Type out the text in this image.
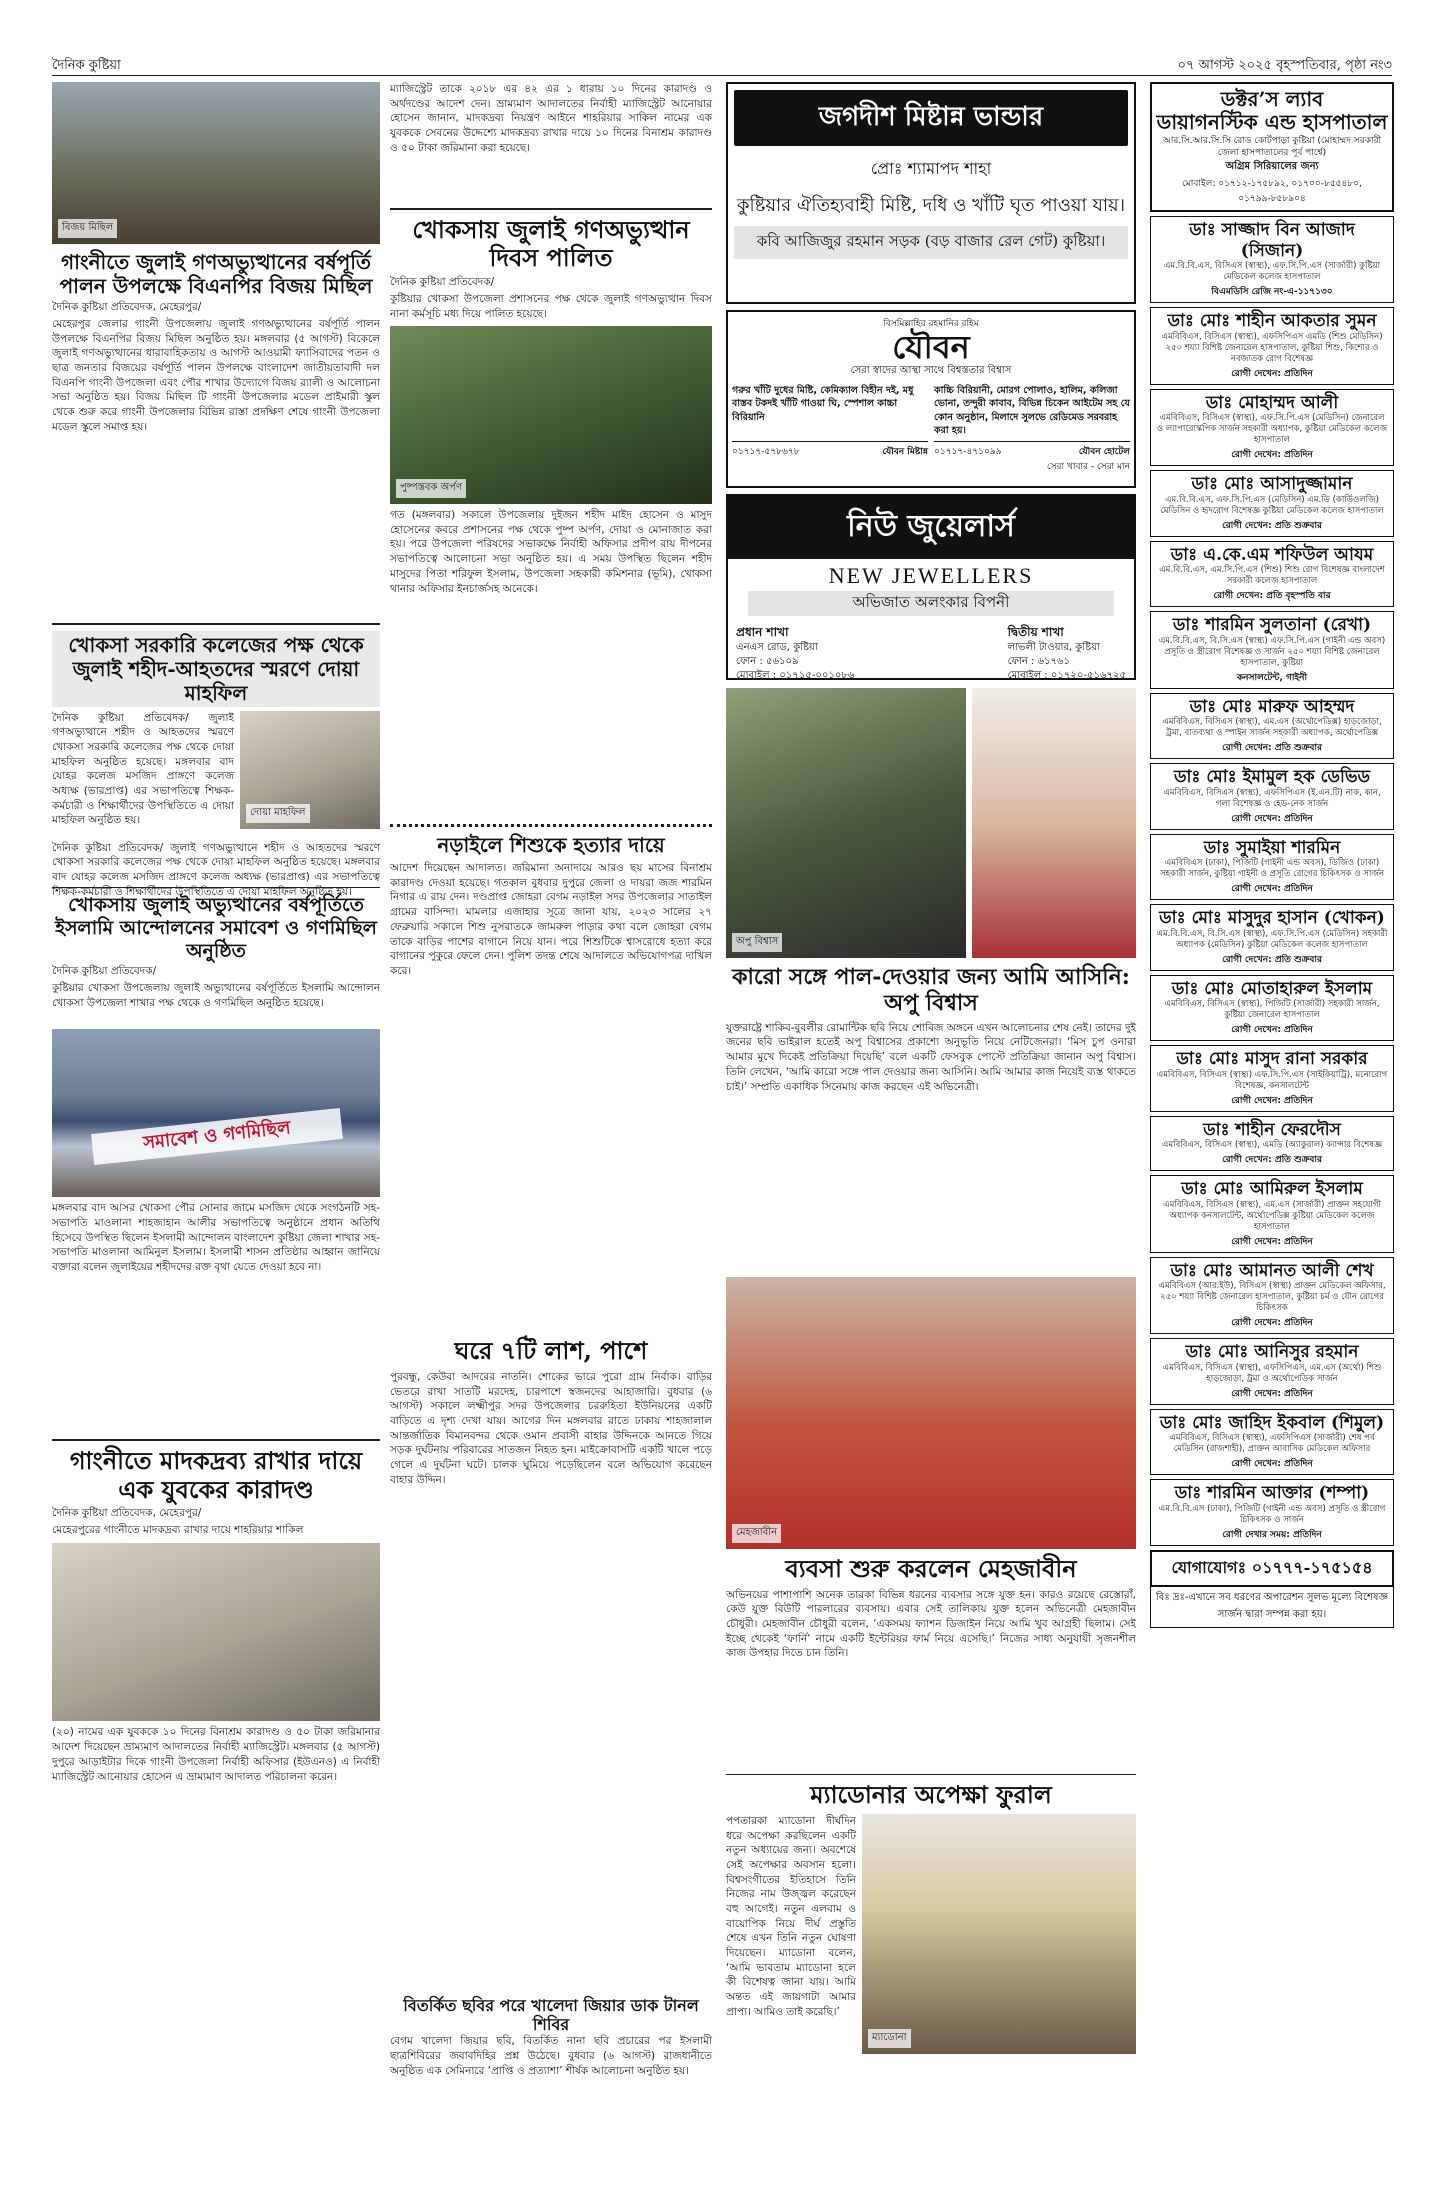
দৈনিক কুষ্টিয়া	০৭ আগস্ট ২০২৫ বৃহস্পতিবার, পৃষ্ঠা নং৩
বিজয় মিছিল
গাংনীতে জুলাই গণঅভ্যুত্থানের বর্ষপূর্তি পালন উপলক্ষে বিএনপির বিজয় মিছিল
দৈনিক কুষ্টিয়া প্রতিবেদক, মেহেরপুর/
মেহেরপুর জেলার গাংনী উপজেলায় জুলাই গণঅভ্যুত্থানের বর্ষপূর্তি পালন উপলক্ষে বিএনপির বিজয় মিছিল অনুষ্ঠিত হয়। মঙ্গলবার (৫ আগস্ট) বিকেলে জুলাই গণঅভ্যুত্থানের ধারাবাহিকতায় ও আগস্ট আওয়ামী ফ্যাসিবাদের পতন ও ছাত্র জনতার বিজয়ের বর্ষপূর্তি পালন উপলক্ষে বাংলাদেশ জাতীয়তাবাদী দল বিএনপি গাংনী উপজেলা এবং পৌর শাখার উদ্যোগে বিজয় র‍্যালী ও আলোচনা সভা অনুষ্ঠিত হয়। বিজয় মিছিল টি গাংনী উপজেলার মডেল প্রাইমারী স্কুল থেকে শুরু করে গাংনী উপজেলার বিভিন্ন রাস্তা প্রদক্ষিণ শেষে গাংনী উপজেলা মডেল স্কুলে সমাপ্ত হয়।
খোকসা সরকারি কলেজের পক্ষ থেকে জুলাই শহীদ-আহতদের স্মরণে দোয়া মাহফিল
দৈনিক কুষ্টিয়া প্রতিবেদক/ জুলাই গণঅভ্যুত্থানে শহীদ ও আহতদের স্মরণে খোকসা সরকারি কলেজের পক্ষ থেকে দোয়া মাহফিল অনুষ্ঠিত হয়েছে। মঙ্গলবার বাদ যোহর কলেজ মসজিদ প্রাঙ্গণে কলেজ অধ্যক্ষ (ভারপ্রাপ্ত) এর সভাপতিত্বে শিক্ষক-কর্মচারী ও শিক্ষার্থীদের উপস্থিতিতে এ দোয়া মাহফিল অনুষ্ঠিত হয়।
দোয়া মাহফিল
দৈনিক কুষ্টিয়া প্রতিবেদক/ জুলাই গণঅভ্যুত্থানে শহীদ ও আহতদের স্মরণে খোকসা সরকারি কলেজের পক্ষ থেকে দোয়া মাহফিল অনুষ্ঠিত হয়েছে। মঙ্গলবার বাদ যোহর কলেজ মসজিদ প্রাঙ্গণে কলেজ অধ্যক্ষ (ভারপ্রাপ্ত) এর সভাপতিত্বে শিক্ষক-কর্মচারী ও শিক্ষার্থীদের উপস্থিতিতে এ দোয়া মাহফিল অনুষ্ঠিত হয়।
খোকসায় জুলাই অভ্যুত্থানের বর্ষপূর্তিতে ইসলামি আন্দোলনের সমাবেশ ও গণমিছিল অনুষ্ঠিত
দৈনিক কুষ্টিয়া প্রতিবেদক/
কুষ্টিয়ার খোকসা উপজেলায় জুলাই অভ্যুত্থানের বর্ষপূর্তিতে ইসলামি আন্দোলন খোকসা উপজেলা শাখার পক্ষ থেকে ও গণমিছিল অনুষ্ঠিত হয়েছে।
সমাবেশ ও গণমিছিল
মঙ্গলবার বাদ আসর খোকসা পৌর সোনার জামে মসজিদ থেকে সংগঠনটি সহ-সভাপতি মাওলানা শাহজাহান আলীর সভাপতিত্বে অনুষ্ঠানে প্রধান অতিথি হিসেবে উপস্থিত ছিলেন ইসলামী আন্দোলন বাংলাদেশ কুষ্টিয়া জেলা শাখার সহ-সভাপতি মাওলানা আমিনুল ইসলাম। ইসলামী শাসন প্রতিষ্ঠার আহ্বান জানিয়ে বক্তারা বলেন জুলাইয়ের শহীদদের রক্ত বৃথা যেতে দেওয়া হবে না।
গাংনীতে মাদকদ্রব্য রাখার দায়ে এক যুবকের কারাদণ্ড
দৈনিক কুষ্টিয়া প্রতিবেদক, মেহেরপুর/
মেহেরপুরের গাংনীতে মাদকদ্রব্য রাখার দায়ে শাহরিয়ার শাকিল
(২০) নামের এক যুবককে ১০ দিনের বিনাশ্রম কারাদণ্ড ও ৫০ টাকা জরিমানার আদেশ দিয়েছেন ভ্রাম্যমাণ আদালতের নির্বাহী ম্যাজিস্ট্রেট। মঙ্গলবার (৫ আগস্ট) দুপুরে আড়াইটার দিকে গাংনী উপজেলা নির্বাহী অফিসার (ইউএনও) এ নির্বাহী ম্যাজিস্ট্রেট আনোয়ার হোসেন এ ভ্রাম্যমাণ আদালত পরিচালনা করেন।
ম্যাজিস্ট্রেট তাকে ২০১৮ এর ৪২ এর ১ ধারায় ১০ দিনের কারাদণ্ড ও অর্থদণ্ডের আদেশ দেন। ভ্রাম্যমাণ আদালতের নির্বাহী ম্যাজিস্ট্রেট আনোয়ার হোসেন জানান, মাদকদ্রব্য নিয়ন্ত্রণ আইনে শাহরিয়ার সাকিল নামের এক যুবককে সেবনের উদ্দেশ্যে মাদকদ্রব্য রাখার দায়ে ১০ দিনের বিনাশ্রম কারাদণ্ড ও ৫০ টাকা জরিমানা করা হয়েছে।
খোকসায় জুলাই গণঅভ্যুত্থান দিবস পালিত
দৈনিক কুষ্টিয়া প্রতিবেদক/
কুষ্টিয়ার খোকসা উপজেলা প্রশাসনের পক্ষ থেকে জুলাই গণঅভ্যুত্থান দিবস নানা কর্মসূচি মধ্য দিয়ে পালিত হয়েছে।
পুষ্পস্তবক অর্পণ
গত (মঙ্গলবার) সকালে উপজেলায় দুইজন শহীদ মাইদ হোসেন ও মাসুদ হোসেনের কবরে প্রশাসনের পক্ষ থেকে পুষ্প অর্পণ, দোয়া ও মোনাজাত করা হয়। পরে উপজেলা পরিষদের সভাকক্ষে নির্বাহী অফিসার প্রদীপ রায় দীপনের সভাপতিত্বে আলোচনা সভা অনুষ্ঠিত হয়। এ সময় উপস্থিত ছিলেন শহীদ মাসুদের পিতা শরিফুল ইসলাম, উপজেলা সহকারী কমিশনার (ভূমি), খোকসা থানার অফিসার ইনচার্জসহ অনেকে।
নড়াইলে শিশুকে হত্যার দায়ে
আদেশ দিয়েছেন আদালত। জরিমানা অনাদায়ে আরও ছয় মাসের বিনাশ্রম কারাদণ্ড দেওয়া হয়েছে। গতকাল বুধবার দুপুরে জেলা ও দায়রা জজ শারমিন নিগার এ রায় দেন। দণ্ডপ্রাপ্ত জোহরা বেগম নড়াইল সদর উপজেলার সাতাইল গ্রামের বাসিন্দা। মামলার এজাহার সূত্রে জানা যায়, ২০২৩ সালের ২৭ ফেব্রুয়ারি সকালে শিশু নুসরাতকে জামরুল পাড়ার কথা বলে জোহরা বেগম তাকে বাড়ির পাশের বাগানে নিয়ে যান। পরে শিশুটিকে শ্বাসরোধে হত্যা করে বাগানের পুকুরে ফেলে দেন। পুলিশ তদন্ত শেষে আদালতে অভিযোগপত্র দাখিল করে।
ঘরে ৭টি লাশ, পাশে
পুরবন্ধু, কেউবা আদরের নাতনি। শোকের ভারে পুরো গ্রাম নির্বাক। বাড়ির ভেতরে রাখা সাতটি মরদেহ, চারপাশে স্বজনদের আহাজারি। বুধবার (৬ আগস্ট) সকালে লক্ষ্মীপুর সদর উপজেলার চররুহিতা ইউনিয়নের একটি বাড়িতে এ দৃশ্য দেখা যায়। আগের দিন মঙ্গলবার রাতে ঢাকায় শাহজালাল আন্তর্জাতিক বিমানবন্দর থেকে ওমান প্রবাসী বাহার উদ্দিনকে আনতে গিয়ে সড়ক দুর্ঘটনায় পরিবারের সাতজন নিহত হন। মাইক্রোবাসটি একটি খালে পড়ে গেলে এ দুর্ঘটনা ঘটে। চালক ঘুমিয়ে পড়েছিলেন বলে অভিযোগ করেছেন বাহার উদ্দিন।
বিতর্কিত ছবির পরে খালেদা জিয়ার ডাক টানল শিবির
বেগম খালেদা জিয়ার ছবি, বিতর্কিত নানা ছবি প্রচারের পর ইসলামী ছাত্রশিবিরের জবাবদিহির প্রশ্ন উঠেছে। বুধবার (৬ আগস্ট) রাজধানীতে অনুষ্ঠিত এক সেমিনারে ‘প্রাপ্তি ও প্রত্যাশা’ শীর্ষক আলোচনা অনুষ্ঠিত হয়।
জগদীশ মিষ্টান্ন ভান্ডার
প্রোঃ শ্যামাপদ শাহা
কুষ্টিয়ার ঐতিহ্যবাহী মিষ্টি, দধি ও খাঁটি ঘৃত পাওয়া যায়।
কবি আজিজুর রহমান সড়ক (বড় বাজার রেল গেট) কুষ্টিয়া।
বিসমিল্লাহির রহমানির রহিম
যৌবন
সেরা স্বাদের আস্থা সাথে বিশ্বস্ততার বিশ্বাস
গরুর খাঁটি দুধের মিষ্টি, কেমিক্যাল বিহীন দই, মধু বাস্তব টকদই খাঁটি গাওয়া ঘি, স্পেশাল কাচ্চা বিরিয়ানি
কাচ্চি বিরিয়ানী, মোরগ পোলাও, হালিম, কলিজা ভোনা, তন্দুরী কাবাব, বিভিন্ন চিকেন আইটেম সহ যে কোন অনুষ্ঠান, মিলাদে সুলভে রেডিমেড সরবরাহ করা হয়।
০১৭১৭-৫৭৮৬৭৮	যৌবন মিষ্টান্ন ০১৭১৭-৪৭১০৯৯	যৌবন হোটেল
সেরা খাবার - সেরা মান
নিউ জুয়েলার্স
NEW JEWELLERS
অভিজাত অলংকার বিপনী
প্রধান শাখা
এনএস রোড, কুষ্টিয়া
ফোন : ৫৬১০৯
মোবাইল : ০১৭১৫-০০১০৮৬
দ্বিতীয় শাখা
লাভলী টাওয়ার, কুষ্টিয়া
ফোন : ৬১৭৬১
মোবাইল : ০১৭২০-৫১৬৭২৫
অপু বিশ্বাস
কারো সঙ্গে পাল-দেওয়ার জন্য আমি আসিনি: অপু বিশ্বাস
যুক্তরাষ্ট্রে শাকিব-বুবলীর রোমান্টিক ছবি নিয়ে শোবিজ অঙ্গনে এখন আলোচনার শেষ নেই। তাদের দুই জনের ছবি ভাইরাল হতেই অপু বিশ্বাসের প্রকাশ্যে অনুভূতি নিয়ে নেটিজেনরা। ‘মিস চুপ ওনারা আমার মুখে দিকেই প্রতিক্রিয়া দিয়েছি’ বলে একটি ফেসবুক পোস্টে প্রতিক্রিয়া জানান অপু বিশ্বাস। তিনি লেখেন, ‘আমি কারো সঙ্গে পাল দেওয়ার জন্য আসিনি। আমি আমার কাজ নিয়েই ব্যস্ত থাকতে চাই।’ সম্প্রতি একাধিক সিনেমায় কাজ করছেন এই অভিনেত্রী।
মেহজাবীন
ব্যবসা শুরু করলেন মেহজাবীন
অভিনয়ের পাশাপাশি অনেক তারকা বিভিন্ন ধরনের ব্যবসার সঙ্গে যুক্ত হন। কারও রয়েছে রেস্তোরাঁ, কেউ যুক্ত বিউটি পারলারের ব্যবসায়। এবার সেই তালিকায় যুক্ত হলেন অভিনেত্রী মেহজাবীন চৌধুরী। মেহজাবীন চৌধুরী বলেন, ‘একসময় ফ্যাশন ডিজাইন নিয়ে আমি খুব আগ্রহী ছিলাম। সেই ইচ্ছে থেকেই ‘ফার্নি’ নামে একটি ইন্টেরিয়র ফার্ম নিয়ে এসেছি।’ নিজের সাধ্য অনুযায়ী সৃজনশীল কাজ উপহার দিতে চান তিনি।
ম্যাডোনার অপেক্ষা ফুরাল
পপতারকা ম্যাডোনা দীর্ঘদিন ধরে অপেক্ষা করছিলেন একটি নতুন অধ্যায়ের জন্য। অবশেষে সেই অপেক্ষার অবসান হলো। বিশ্বসংগীতের ইতিহাসে তিনি নিজের নাম উজ্জ্বল করেছেন বহু আগেই। নতুন এলবাম ও বায়োপিক নিয়ে দীর্ঘ প্রস্তুতি শেষে এখন তিনি নতুন ঘোষণা দিয়েছেন। ম্যাডোনা বলেন, ‘আমি ভাবতাম ম্যাডোনা হলে কী বিশেষত্ব জানা যায়। আমি অন্তত এই জায়গাটা আমার প্রাপ্য। আমিও তাই করেছি।’
ম্যাডোনা
ডক্টর’স ল্যাব
ডায়াগনস্টিক এন্ড হাসপাতাল
আর.সি.আর.সি.সি রোড কোর্টপাড়া কুষ্টিয়া (মোহাম্মদ সরকারী জেলা হাসপাতালের পূর্ব পার্শ্বে)
অগ্রিম সিরিয়ালের জন্য
মোবাইল: ০১৭১২-১৭৫৮৯২, ০১৭০০-৮৫৫৪৮০, ০১৭৯৯-৮৫৮৯০৪
ডাঃ সাজ্জাদ বিন আজাদ (সিজান)
এম.বি.বি.এস, বিসিএস (স্বাস্থ্য), এফ.সি.পি.এস (সার্জারী) কুষ্টিয়া মেডিকেল কলেজ হাসপাতাল
বিএমডিসি রেজি নং-এ-১১৭১৩০
ডাঃ মোঃ শাহীন আকতার সুমন
এমবিবিএস, বিসিএস (স্বাস্থ্য), এফসিপিএস এমডি (শিশু মেডিসিন) ২৫০ শয্যা বিশিষ্ট জেনারেল হাসপাতাল, কুষ্টিয়া শিশু, কিশোর ও নবজাতক রোগ বিশেষজ্ঞ
রোগী দেখেন: প্রতিদিন
ডাঃ মোহাম্মদ আলী
এমবিবিএস, বিসিএস (স্বাস্থ্য), এফ.সি.পি.এস (মেডিসিন) জেনারেল ও ল্যাপারোস্কপিক সার্জন সহকারী অধ্যাপক, কুষ্টিয়া মেডিকেল কলেজ হাসপাতাল
রোগী দেখেন: প্রতিদিন
ডাঃ মোঃ আসাদুজ্জামান
এম.বি.বি.এস, এফ.সি.পি.এস (মেডিসিন) এম.ডি (কার্ডিওলজি) মেডিসিন ও হৃদরোগ বিশেষজ্ঞ কুষ্টিয়া মেডিকেল কলেজ হাসপাতাল
রোগী দেখেন: প্রতি শুক্রবার
ডাঃ এ.কে.এম শফিউল আযম
এম.বি.বি.এস, এম.সি.পি.এস (শিশু) শিশু রোগ বিশেষজ্ঞ বাংলাদেশ সরকারী কলেজ হাসপাতাল
রোগী দেখেন: প্রতি বৃহস্পতি বার
ডাঃ শারমিন সুলতানা (রেখা)
এম.বি.বি.এস, বি.সি.এস (স্বাস্থ্য) এফ.সি.পি.এস (গাইনী এন্ড অবস) প্রসূতি ও স্ত্রীরোগ বিশেষজ্ঞ ও সার্জন ২৫০ শয্যা বিশিষ্ট জেনারেল হাসপাতাল, কুষ্টিয়া
কনসালটেন্ট, গাইনী
ডাঃ মোঃ মারুফ আহম্মদ
এমবিবিএস, বিসিএস (স্বাস্থ্য), এম.এস (অর্থোপেডিক্স) হাড়জোড়া, ট্রমা, বাতব্যথা ও স্পাইন সার্জন সহকারী অধ্যাপক, অর্থোপেডিক্স
রোগী দেখেন: প্রতি শুক্রবার
ডাঃ মোঃ ইমামুল হক ডেভিড
এমবিবিএস, বিসিএস (স্বাস্থ্য), এফসিপিএস (ই.এন.টি) নাক, কান, গলা বিশেষজ্ঞ ও হেড-নেক সার্জন
রোগী দেখেন: প্রতিদিন
ডাঃ সুমাইয়া শারমিন
এমবিবিএস (ঢাকা), পিজিটি (গাইনী এন্ড অবস), ডিজিও (ঢাকা) সহকারী সার্জন, কুষ্টিয়া গাইনী ও প্রসূতি রোগের চিকিৎসক ও সার্জন
রোগী দেখেন: প্রতিদিন
ডাঃ মোঃ মাসুদুর হাসান (খোকন)
এম.বি.বি.এস, বি.সি.এস (স্বাস্থ্য), এফ.সি.পি.এস (মেডিসিন) সহকারী অধ্যাপক (মেডিসিন) কুষ্টিয়া মেডিকেল কলেজ হাসপাতাল
রোগী দেখেন: প্রতি শুক্রবার
ডাঃ মোঃ মোতাহারুল ইসলাম
এমবিবিএস, বিসিএস (স্বাস্থ্য), পিজিটি (সার্জারী) সহকারী সার্জন, কুষ্টিয়া জেনারেল হাসপাতাল
রোগী দেখেন: প্রতিদিন
ডাঃ মোঃ মাসুদ রানা সরকার
এমবিবিএস, বিসিএস (স্বাস্থ্য) এফ.সি.পি.এস (সাইকিয়াট্রি), মনোরোগ বিশেষজ্ঞ, কনসালটেন্ট
রোগী দেখেন: প্রতিদিন
ডাঃ শাহীন ফেরদৌস
এমবিবিএস, বিসিএস (স্বাস্থ্য), এমডি (অ্যাকুরাল) ক্যান্সার বিশেষজ্ঞ
রোগী দেখেন: প্রতি শুক্রবার
ডাঃ মোঃ আমিরুল ইসলাম
এমবিবিএস, বিসিএস (স্বাস্থ্য), এম.এস (সার্জারী) প্রাক্তন সহযোগী অধ্যাপক কনসালটেন্ট, অর্থোপেডিক্স কুষ্টিয়া মেডিকেল কলেজ হাসপাতাল
রোগী দেখেন: প্রতিদিন
ডাঃ মোঃ আমানত আলী শেখ
এমবিবিএস (আর.ইউ), বিসিএস (স্বাস্থ্য) প্রাক্তন মেডিকেল অফিসার, ২৫০ শয্যা বিশিষ্ট জেনারেল হাসপাতাল, কুষ্টিয়া চর্ম ও যৌন রোগের চিকিৎসক
রোগী দেখেন: প্রতিদিন
ডাঃ মোঃ আনিসুর রহমান
এমবিবিএস, বিসিএস (স্বাস্থ্য), এফসিপিএস, এম.এস (অর্থো) শিশু হাড়জোড়া, ট্রমা ও অর্থোপেডিক সার্জন
রোগী দেখেন: প্রতিদিন
ডাঃ মোঃ জাহিদ ইকবাল (শিমুল)
এমবিবিএস, বিসিএস (স্বাস্থ্য), এফসিপিএস (সার্জারী) শেষ পর্ব মেডিসিন (রাজশাহী), প্রাক্তন আবাসিক মেডিকেল অফিসার
রোগী দেখেন: প্রতিদিন
ডাঃ শারমিন আক্তার (শম্পা)
এম.বি.বি.এস (ঢাকা), পিজিটি (গাইনী এন্ড অবস) প্রসূতি ও স্ত্রীরোগ চিকিৎসক ও সার্জন
রোগী দেখার সময়: প্রতিদিন
যোগাযোগঃ ০১৭৭৭-১৭৫১৫৪
বিঃ দ্রঃ-এখানে সব ধরণের অপারেশন সুলভ মূল্যে বিশেষজ্ঞ সার্জন দ্বারা সম্পন্ন করা হয়।
